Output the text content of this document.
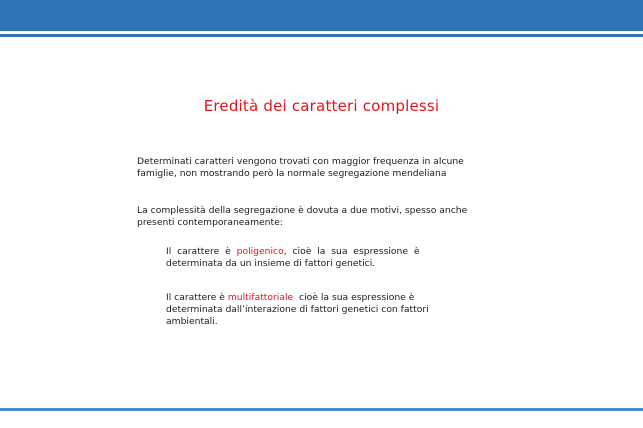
Eredità dei caratteri complessi
Determinati caratteri vengono trovati con maggior frequenza in alcune
famiglie, non mostrando però la normale segregazione mendeliana
La complessità della segregazione è dovuta a due motivi, spesso anche
presenti contemporaneamente:
Il  carattere  è  poligenico,  cioè  la  sua  espressione  è
determinata da un insieme di fattori genetici.
Il carattere è multifattoriale  cioè la sua espressione è
determinata dall’interazione di fattori genetici con fattori
ambientali.
